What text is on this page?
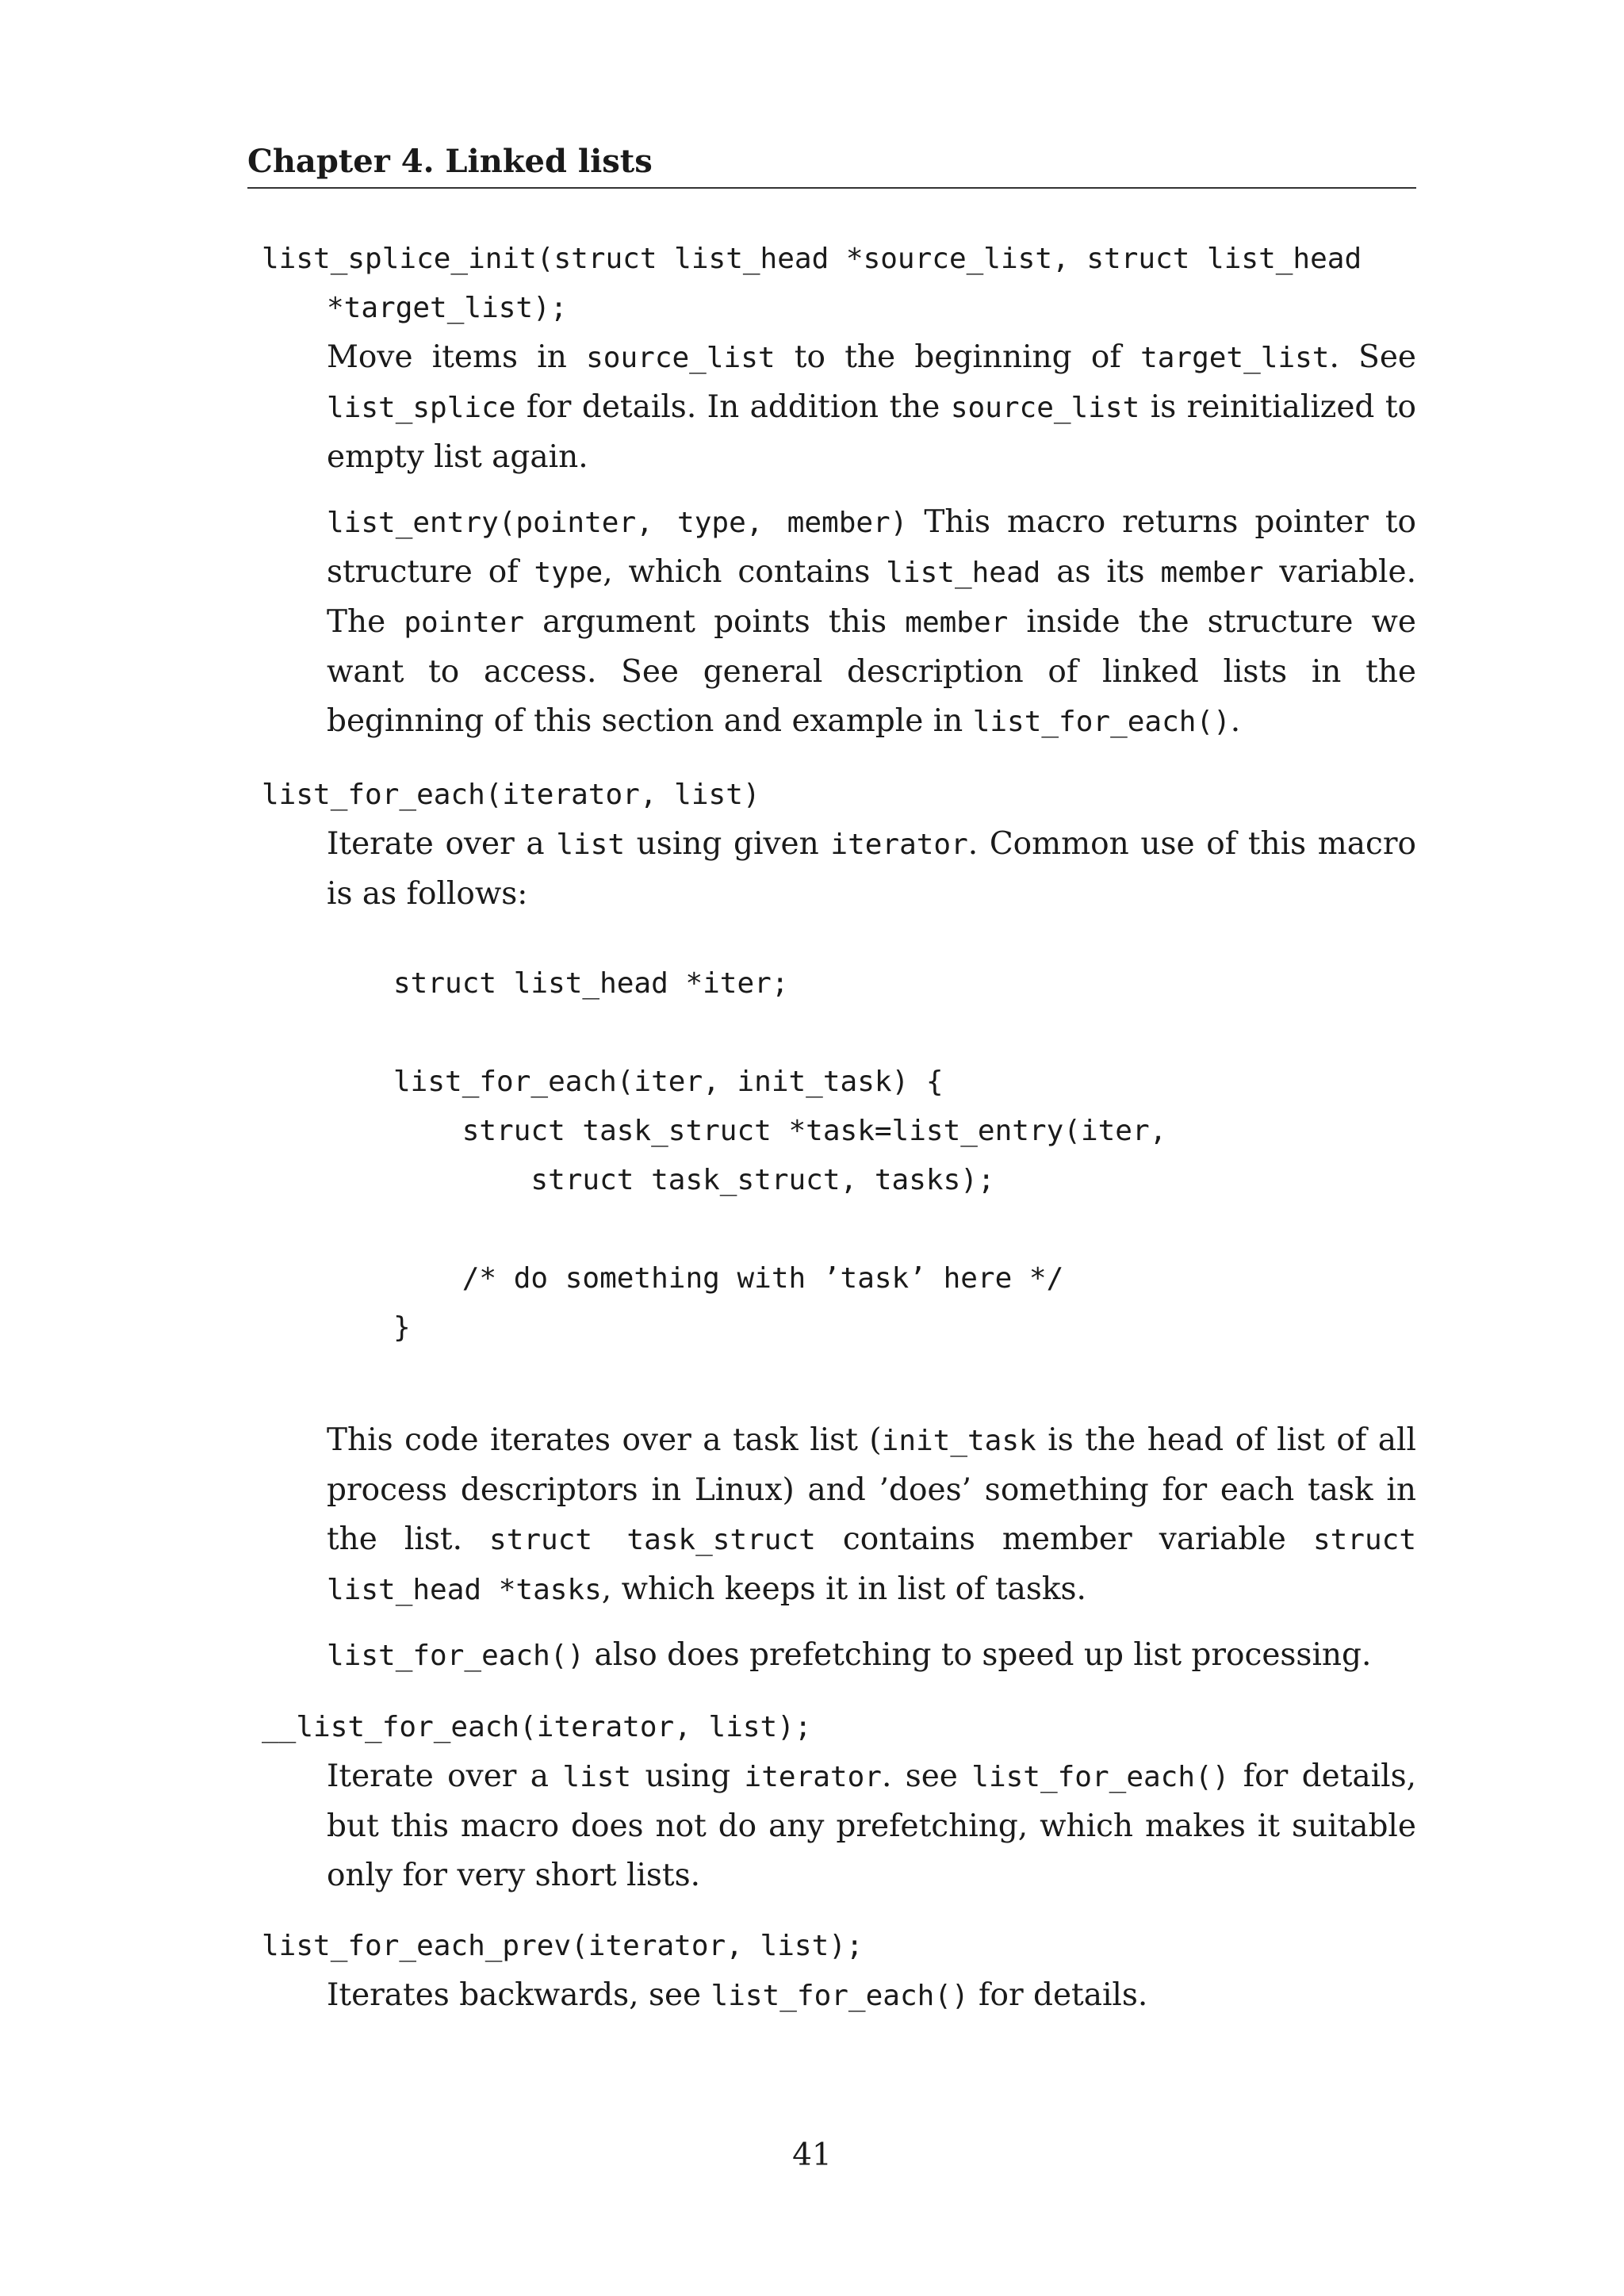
Chapter 4. Linked lists
list_splice_init(struct list_head *source_list, struct list_head
*target_list);

Move items in source_list to the beginning of target_list. See list_splice for details. In addition the source_list is reinitialized to empty list again.

list_entry(pointer, type, member) This macro returns pointer to structure of type, which contains list_head as its member variable. The pointer argument points this member inside the structure we want to access. See general description of linked lists in the beginning of this section and example in list_for_each().

list_for_each(iterator, list)

Iterate over a list using given iterator. Common use of this macro is as follows:

struct list_head *iter;

list_for_each(iter, init_task) {
struct task_struct *task=list_entry(iter,
struct task_struct, tasks);

/* do something with ’task’ here */
}

This code iterates over a task list (init_task is the head of list of all process descriptors in Linux) and ’does’ something for each task in the list. struct task_struct contains member variable struct list_head *tasks, which keeps it in list of tasks.

list_for_each() also does prefetching to speed up list processing.

__list_for_each(iterator, list);

Iterate over a list using iterator. see list_for_each() for details, but this macro does not do any prefetching, which makes it suitable only for very short lists.

list_for_each_prev(iterator, list);

Iterates backwards, see list_for_each() for details.

41
